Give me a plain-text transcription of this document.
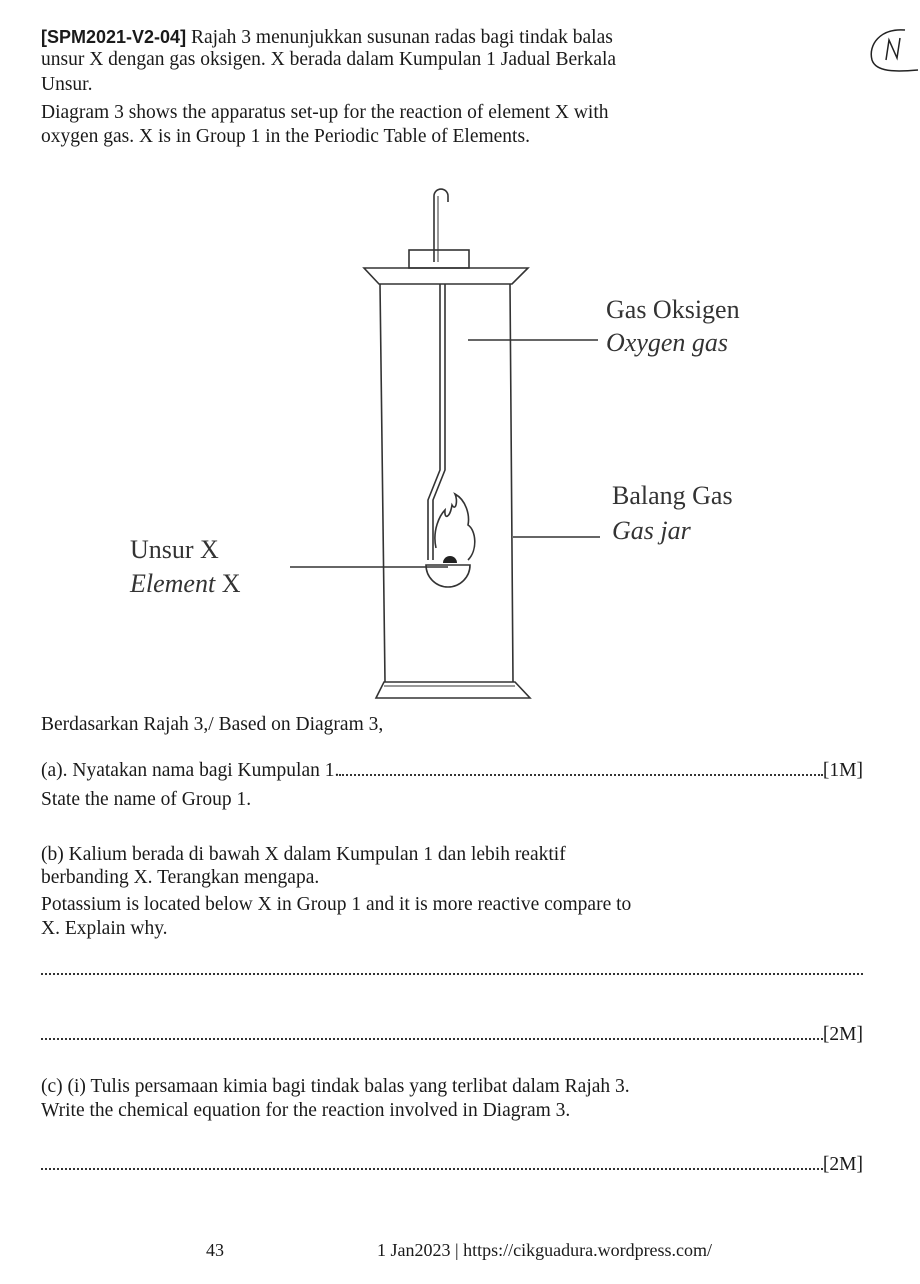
[SPM2021-V2-04] Rajah 3 menunjukkan susunan radas bagi tindak balas
unsur X dengan gas oksigen. X berada dalam Kumpulan 1 Jadual Berkala
Unsur.
Diagram 3 shows the apparatus set-up for the reaction of element X with
oxygen gas. X is in Group 1 in the Periodic Table of Elements.
Gas Oksigen
Oxygen gas
Balang Gas
Gas jar
Unsur X
Element X
Berdasarkan Rajah 3,/ Based on Diagram 3,
(a). Nyatakan nama bagi Kumpulan 1.	[1M]
State the name of Group 1.
(b) Kalium berada di bawah X dalam Kumpulan 1 dan lebih reaktif
berbanding X. Terangkan mengapa.
Potassium is located below X in Group 1 and it is more reactive compare to
X. Explain why.
[2M]
(c) (i) Tulis persamaan kimia bagi tindak balas yang terlibat dalam Rajah 3.
Write the chemical equation for the reaction involved in Diagram 3.
[2M]
43	1 Jan2023 | https://cikguadura.wordpress.com/
